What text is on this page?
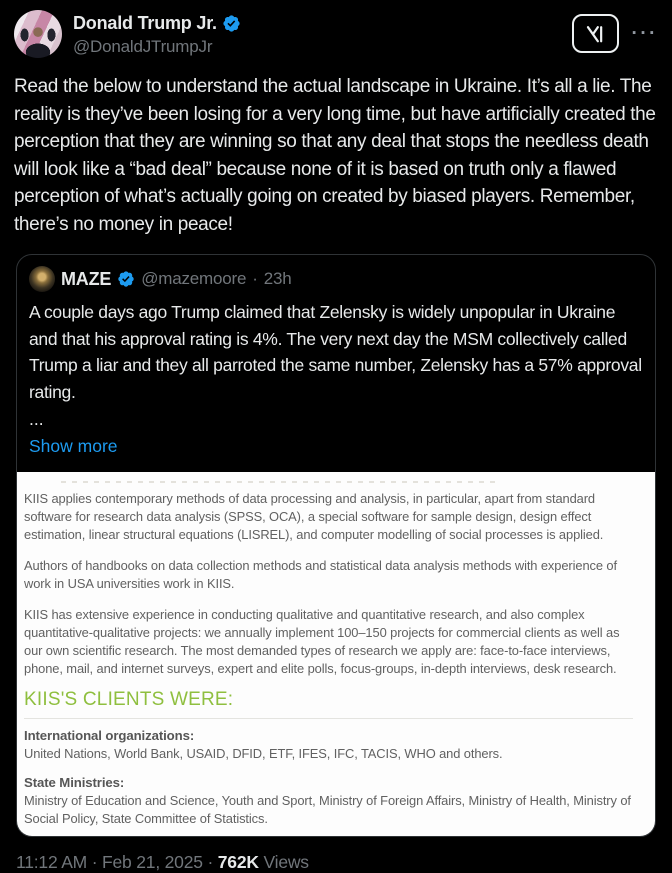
Donald Trump Jr.
@DonaldJTrumpJr
···
Read the below to understand the actual landscape in Ukraine. It’s all a lie. The reality is they’ve been losing for a very long time, but have artificially created the perception that they are winning so that any deal that stops the needless death will look like a “bad deal” because none of it is based on truth only a flawed perception of what’s actually going on created by biased players. Remember, there’s no money in peace!
MAZE @mazemoore · 23h
A couple days ago Trump claimed that Zelensky is widely unpopular in Ukraine and that his approval rating is 4%. The very next day the MSM collectively called Trump a liar and they all parroted the same number, Zelensky has a 57% approval rating.
...
Show more

KIIS applies contemporary methods of data processing and analysis, in particular, apart from standard software for research data analysis (SPSS, OCA), a special software for sample design, design effect estimation, linear structural equations (LISREL), and computer modelling of social processes is applied.

Authors of handbooks on data collection methods and statistical data analysis methods with experience of work in USA universities work in KIIS.

KIIS has extensive experience in conducting qualitative and quantitative research, and also complex quantitative-qualitative projects: we annually implement 100–150 projects for commercial clients as well as our own scientific research. The most demanded types of research we apply are: face-to-face interviews, phone, mail, and internet surveys, expert and elite polls, focus-groups, in-depth interviews, desk research.

KIIS'S CLIENTS WERE:
International organizations:
United Nations, World Bank, USAID, DFID, ETF, IFES, IFC, TACIS, WHO and others.
State Ministries:
Ministry of Education and Science, Youth and Sport, Ministry of Foreign Affairs, Ministry of Health, Ministry of Social Policy, State Committee of Statistics.
11:12 AM · Feb 21, 2025 · 762K Views
